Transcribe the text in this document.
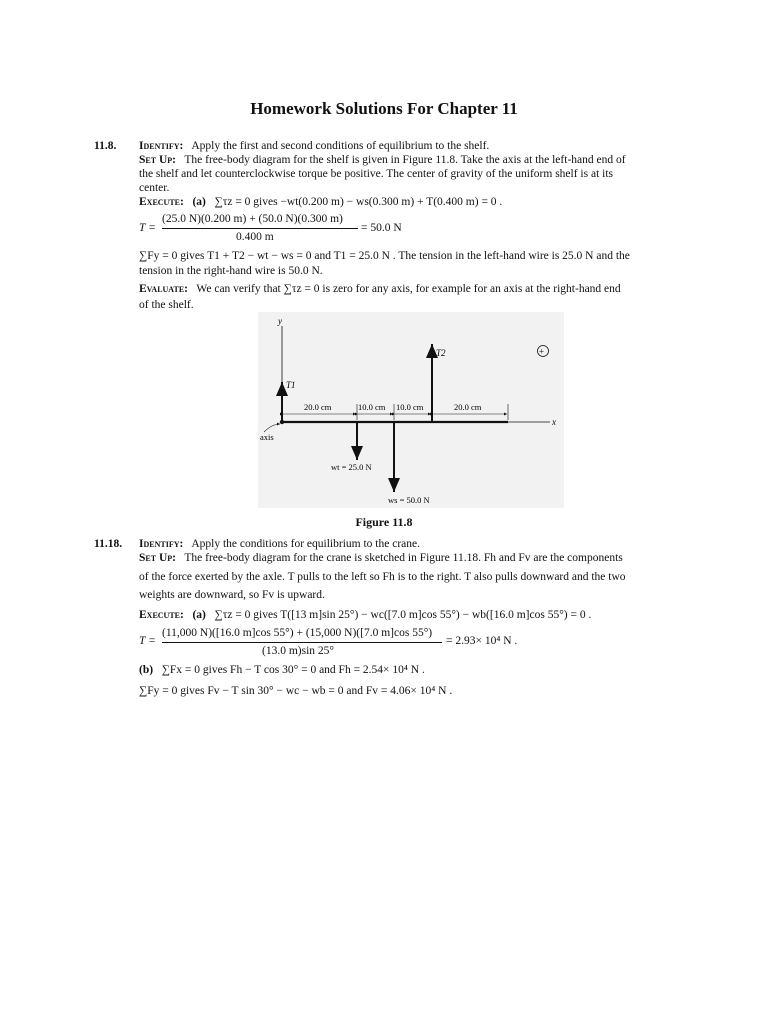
Homework Solutions For Chapter 11
11.8. Identify: Apply the first and second conditions of equilibrium to the shelf.
Set Up: The free-body diagram for the shelf is given in Figure 11.8. Take the axis at the left-hand end of
the shelf and let counterclockwise torque be positive. The center of gravity of the uniform shelf is at its
center.
Execute: (a) ∑τz = 0 gives −wt(0.200 m) − ws(0.300 m) + T(0.400 m) = 0 .
T =
(25.0 N)(0.200 m) + (50.0 N)(0.300 m)
0.400 m
= 50.0 N
∑Fy = 0 gives T1 + T2 − wt − ws = 0 and T1 = 25.0 N . The tension in the left-hand wire is 25.0 N and the
tension in the right-hand wire is 50.0 N.
Evaluate: We can verify that ∑τz = 0 is zero for any axis, for example for an axis at the right-hand end
of the shelf.
y
x
T1
T2	+
wt = 25.0 N
ws = 50.0 N
20.0 cm	10.0 cm 10.0 cm	20.0 cm
axis
Figure 11.8
11.18. Identify: Apply the conditions for equilibrium to the crane.
Set Up: The free-body diagram for the crane is sketched in Figure 11.18. Fh and Fv are the components
of the force exerted by the axle. T pulls to the left so Fh is to the right. T also pulls downward and the two
weights are downward, so Fv is upward.
Execute: (a) ∑τz = 0 gives T([13 m]sin 25°) − wc([7.0 m]cos 55°) − wb([16.0 m]cos 55°) = 0 .
T =
(11,000 N)([16.0 m]cos 55°) + (15,000 N)([7.0 m]cos 55°)
(13.0 m)sin 25°
= 2.93× 10⁴ N .
(b) ∑Fx = 0 gives Fh − T cos 30° = 0 and Fh = 2.54× 10⁴ N .
∑Fy = 0 gives Fv − T sin 30° − wc − wb = 0 and Fv = 4.06× 10⁴ N .
